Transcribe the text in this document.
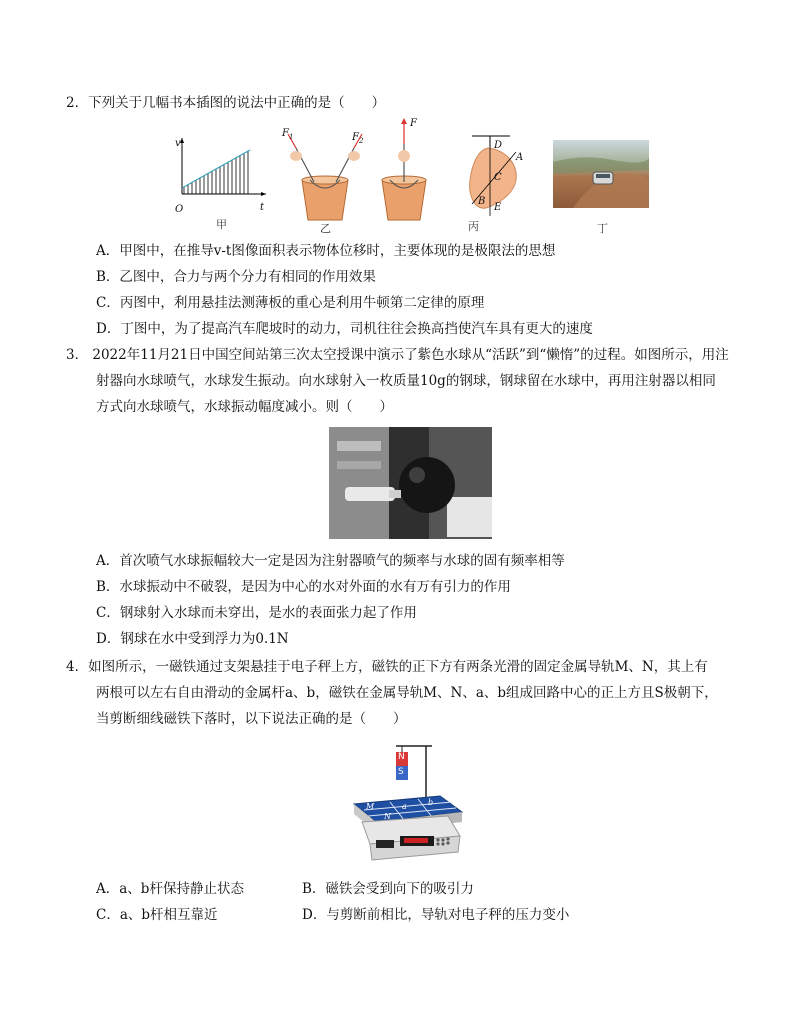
2．下列关于几幅书本插图的说法中正确的是（　　）
v
t
O
甲
$F_1$	$F_2$
乙
F
D
A
C
B
E
丙	丁
A．甲图中，在推导v-t图像面积表示物体位移时，主要体现的是极限法的思想
B．乙图中，合力与两个分力有相同的作用效果
C．丙图中，利用悬挂法测薄板的重心是利用牛顿第二定律的原理
D．丁图中，为了提高汽车爬坡时的动力，司机往往会换高挡使汽车具有更大的速度
3． 2022年11月21日中国空间站第三次太空授课中演示了紫色水球从“活跃”到“懒惰”的过程。如图所示，用注
射器向水球喷气，水球发生振动。向水球射入一枚质量10g的钢球，钢球留在水球中，再用注射器以相同
方式向水球喷气，水球振动幅度减小。则（　　）
A．首次喷气水球振幅较大一定是因为注射器喷气的频率与水球的固有频率相等
B．水球振动中不破裂，是因为中心的水对外面的水有万有引力的作用
C．钢球射入水球而未穿出，是水的表面张力起了作用
D．钢球在水中受到浮力为0.1N
4．如图所示，一磁铁通过支架悬挂于电子秤上方，磁铁的正下方有两条光滑的固定金属导轨M、N，其上有
两根可以左右自由滑动的金属杆a、b，磁铁在金属导轨M、N、a、b组成回路中心的正上方且S极朝下，
当剪断细线磁铁下落时，以下说法正确的是（　　）
N
S
M
N
a	b
A．a、b杆保持静止状态	B．磁铁会受到向下的吸引力
C．a、b杆相互靠近	D．与剪断前相比，导轨对电子秤的压力变小
